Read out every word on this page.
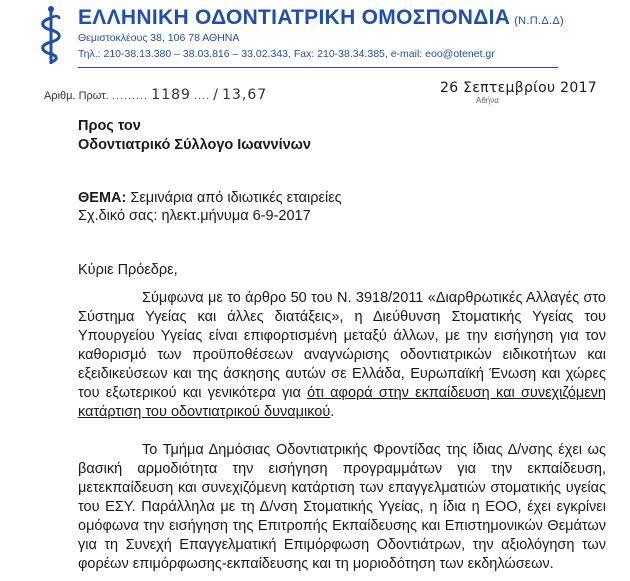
ΕΛΛΗΝΙΚΗ ΟΔΟΝΤΙΑΤΡΙΚΗ ΟΜΟΣΠΟΝΔΙΑ (Ν.Π.Δ.Δ)
Θεμιστοκλέους 38, 106 78 ΑΘΗΝΑ
Τηλ.: 210-38.13.380 – 38.03.816 – 33.02.343, Fax: 210-38.34.385, e-mail: eoo@otenet.gr
Αριθμ. Πρωτ. ......... 1189 .... / 13,67	26 Σεπτεμβρίου 2017
Αθήνα
Προς τον
Οδοντιατρικό Σύλλογο Ιωαννίνων
ΘΕΜΑ: Σεμινάρια από ιδιωτικές εταιρείες
Σχ.δικό σας: ηλεκτ.μήνυμα 6-9-2017
Κύριε Πρόεδρε,

Σύμφωνα με το άρθρο 50 του Ν. 3918/2011 «Διαρθρωτικές Αλλαγές στο Σύστημα Υγείας και άλλες διατάξεις», η Διεύθυνση Στοματικής Υγείας του Υπουργείου Υγείας είναι επιφορτισμένη μεταξύ άλλων, με την εισήγηση για τον καθορισμό των προϋποθέσεων αναγνώρισης οδοντιατρικών ειδικοτήτων και εξειδικεύσεων και της άσκησης αυτών σε Ελλάδα, Ευρωπαϊκή Ένωση και χώρες του εξωτερικού και γενικότερα για ότι αφορά στην εκπαίδευση και συνεχιζόμενη κατάρτιση του οδοντιατρικού δυναμικού.

Το Τμήμα Δημόσιας Οδοντιατρικής Φροντίδας της ίδιας Δ/νσης έχει ως βασική αρμοδιότητα την εισήγηση προγραμμάτων για την εκπαίδευση, μετεκπαίδευση και συνεχιζόμενη κατάρτιση των επαγγελματιών στοματικής υγείας του ΕΣΥ. Παράλληλα με τη Δ/νση Στοματικής Υγείας, η ίδια η ΕΟΟ, έχει εγκρίνει ομόφωνα την εισήγηση της Επιτροπής Εκπαίδευσης και Επιστημονικών Θεμάτων για τη Συνεχή Επαγγελματική Επιμόρφωση Οδοντιάτρων, την αξιολόγηση των φορέων επιμόρφωσης-εκπαίδευσης και τη μοριοδότηση των εκδηλώσεων.
